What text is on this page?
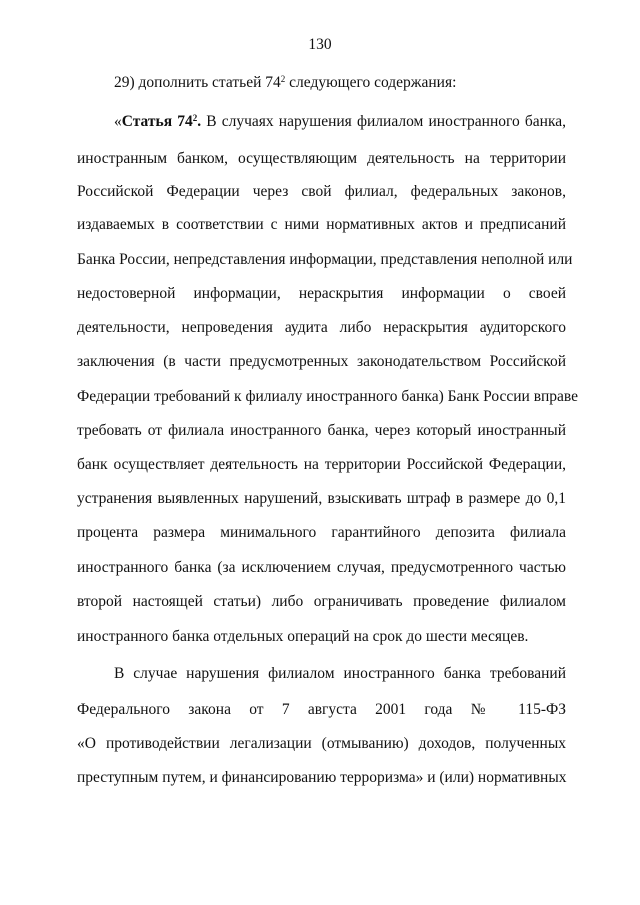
130
29) дополнить статьей $74^2$ следующего содержания:
«Статья $74^2$. В случаях нарушения филиалом иностранного банка,
иностранным банком, осуществляющим деятельность на территории
Российской Федерации через свой филиал, федеральных законов,
издаваемых в соответствии с ними нормативных актов и предписаний
Банка России, непредставления информации, представления неполной или
недостоверной информации, нераскрытия информации о своей
деятельности, непроведения аудита либо нераскрытия аудиторского
заключения (в части предусмотренных законодательством Российской
Федерации требований к филиалу иностранного банка) Банк России вправе
требовать от филиала иностранного банка, через который иностранный
банк осуществляет деятельность на территории Российской Федерации,
устранения выявленных нарушений, взыскивать штраф в размере до 0,1
процента размера минимального гарантийного депозита филиала
иностранного банка (за исключением случая, предусмотренного частью
второй настоящей статьи) либо ограничивать проведение филиалом
иностранного банка отдельных операций на срок до шести месяцев.
В случае нарушения филиалом иностранного банка требований
Федерального закона от 7 августа 2001 года № 115-ФЗ
«О противодействии легализации (отмыванию) доходов, полученных
преступным путем, и финансированию терроризма» и (или) нормативных
